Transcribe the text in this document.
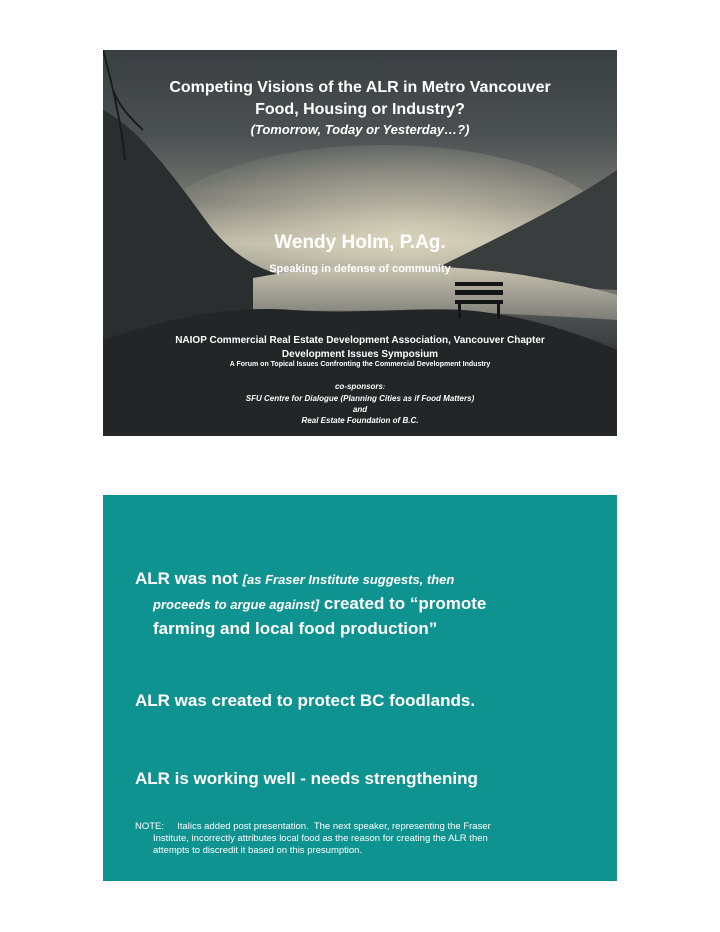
Competing Visions of the ALR in Metro Vancouver
Food, Housing or Industry?
(Tomorrow, Today or Yesterday…?)
Wendy Holm, P.Ag.
Speaking in defense of community
NAIOP Commercial Real Estate Development Association, Vancouver Chapter
Development Issues Symposium
A Forum on Topical Issues Confronting the Commercial Development Industry
co-sponsors:
SFU Centre for Dialogue (Planning Cities as if Food Matters)
and
Real Estate Foundation of B.C.
ALR was not [as Fraser Institute suggests, then
proceeds to argue against] created to “promote
farming and local food production”
ALR was created to protect BC foodlands.
ALR is working well - needs strengthening
NOTE:     Italics added post presentation.  The next speaker, representing the Fraser
Institute, incorrectly attributes local food as the reason for creating the ALR then
attempts to discredit it based on this presumption.
